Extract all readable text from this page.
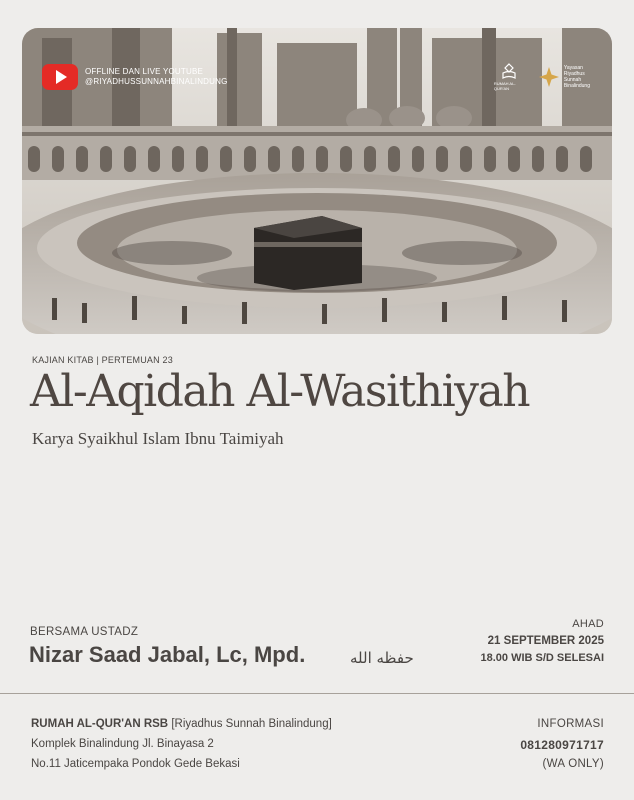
OFFLINE DAN LIVE YOUTUBE
@RIYADHUSSUNNAHBINALINDUNG	RUMAH AL-QUR'AN
Yayasan
Riyadhus
Sunnah
Binalindung
KAJIAN KITAB | PERTEMUAN 23
Al-Aqidah Al-Wasithiyah
Karya Syaikhul Islam Ibnu Taimiyah
BERSAMA USTADZ
Nizar Saad Jabal, Lc, Mpd.	حفظه الله
AHAD
21 SEPTEMBER 2025
18.00 WIB S/D SELESAI
RUMAH AL-QUR'AN RSB [Riyadhus Sunnah Binalindung]
Komplek Binalindung Jl. Binayasa 2
No.11 Jaticempaka Pondok Gede Bekasi
INFORMASI
081280971717
(WA ONLY)
